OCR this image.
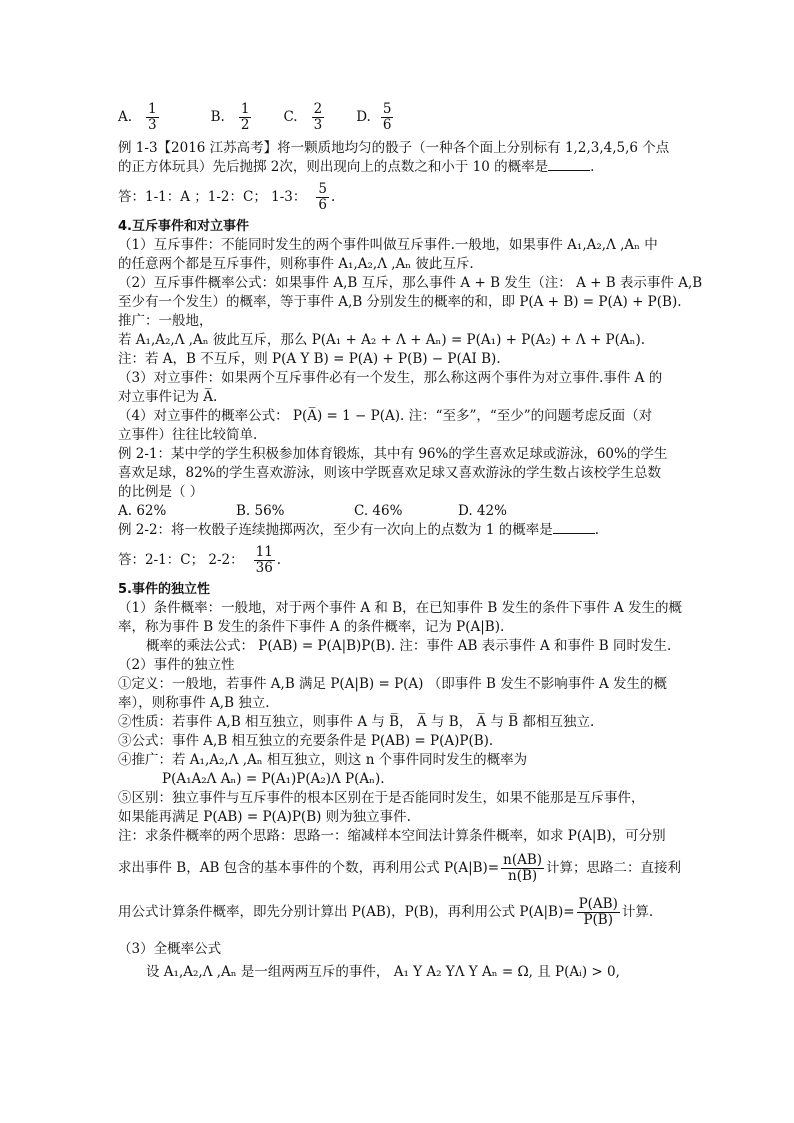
A. $\frac{1}{3}$	B. $\frac{1}{2} C$. $\frac{2}{3} D$. $\frac{5}{6}$
例 1-3【2016 江苏高考】将一颗质地均匀的骰子（一种各个面上分别标有 1,2,3,4,5,6 个点
的正方体玩具）先后抛掷 2次，则出现向上的点数之和小于 10 的概率是	.
答：1-1：A ；1-2：C； 1-3： $\frac{5}{6}$ .
4.互斥事件和对立事件
（1）互斥事件：不能同时发生的两个事件叫做互斥事件.一般地，如果事件 A₁,A₂,Λ ,Aₙ 中
的任意两个都是互斥事件，则称事件 A₁,A₂,Λ ,Aₙ 彼此互斥.
（2）互斥事件概率公式：如果事件 A,B 互斥，那么事件 A + B 发生（注： A + B 表示事件 A,B
至少有一个发生）的概率，等于事件 A,B 分别发生的概率的和，即 P(A + B) = P(A) + P(B).
推广：一般地，
若 A₁,A₂,Λ ,Aₙ 彼此互斥，那么 P(A₁ + A₂ + Λ + Aₙ) = P(A₁) + P(A₂) + Λ + P(Aₙ).
注：若 A，B 不互斥，则 P(A Y B) = P(A) + P(B) − P(AI B).
（3）对立事件：如果两个互斥事件必有一个发生，那么称这两个事件为对立事件.事件 A 的
对立事件记为 A̅.
（4）对立事件的概率公式： P(A̅) = 1 − P(A). 注：“至多”，“至少”的问题考虑反面（对
立事件）往往比较简单.
例 2-1：某中学的学生积极参加体育锻炼，其中有 96%的学生喜欢足球或游泳，60%的学生
喜欢足球，82%的学生喜欢游泳，则该中学既喜欢足球又喜欢游泳的学生数占该校学生总数
的比例是（ ）
A. 62%	B. 56%	C. 46%	D. 42%
例 2-2：将一枚骰子连续抛掷两次，至少有一次向上的点数为 1 的概率是	.
答：2-1：C； 2-2： $\frac{11}{36}$ .
5.事件的独立性
（1）条件概率：一般地，对于两个事件 A 和 B，在已知事件 B 发生的条件下事件 A 发生的概
率，称为事件 B 发生的条件下事件 A 的条件概率，记为 P(A|B).
概率的乘法公式： P(AB) = P(A|B)P(B). 注：事件 AB 表示事件 A 和事件 B 同时发生.
（2）事件的独立性
①定义：一般地，若事件 A,B 满足 P(A|B) = P(A) （即事件 B 发生不影响事件 A 发生的概
率），则称事件 A,B 独立.
②性质：若事件 A,B 相互独立，则事件 A 与 B̅， A̅ 与 B， A̅ 与 B̅ 都相互独立.
③公式：事件 A,B 相互独立的充要条件是 P(AB) = P(A)P(B).
④推广：若 A₁,A₂,Λ ,Aₙ 相互独立，则这 n 个事件同时发生的概率为
P(A₁A₂Λ Aₙ) = P(A₁)P(A₂)Λ P(Aₙ).
⑤区别：独立事件与互斥事件的根本区别在于是否能同时发生，如果不能那是互斥事件，
如果能再满足 P(AB) = P(A)P(B) 则为独立事件.
注：求条件概率的两个思路：思路一：缩减样本空间法计算条件概率，如求 P(A|B)，可分别
求出事件 B，AB 包含的基本事件的个数，再利用公式 $P(A|B)= \frac{n(AB)}{n(B)}$ 计算；思路二：直接利
用公式计算条件概率，即先分别计算出 P(AB)，P(B)，再利用公式 $P(A|B)= \frac{P(AB)}{P(B)}$ 计算.
（3）全概率公式
设 A₁,A₂,Λ ,Aₙ 是一组两两互斥的事件， A₁ Y A₂ YΛ Y Aₙ = Ω, 且 P(Aᵢ) > 0,
